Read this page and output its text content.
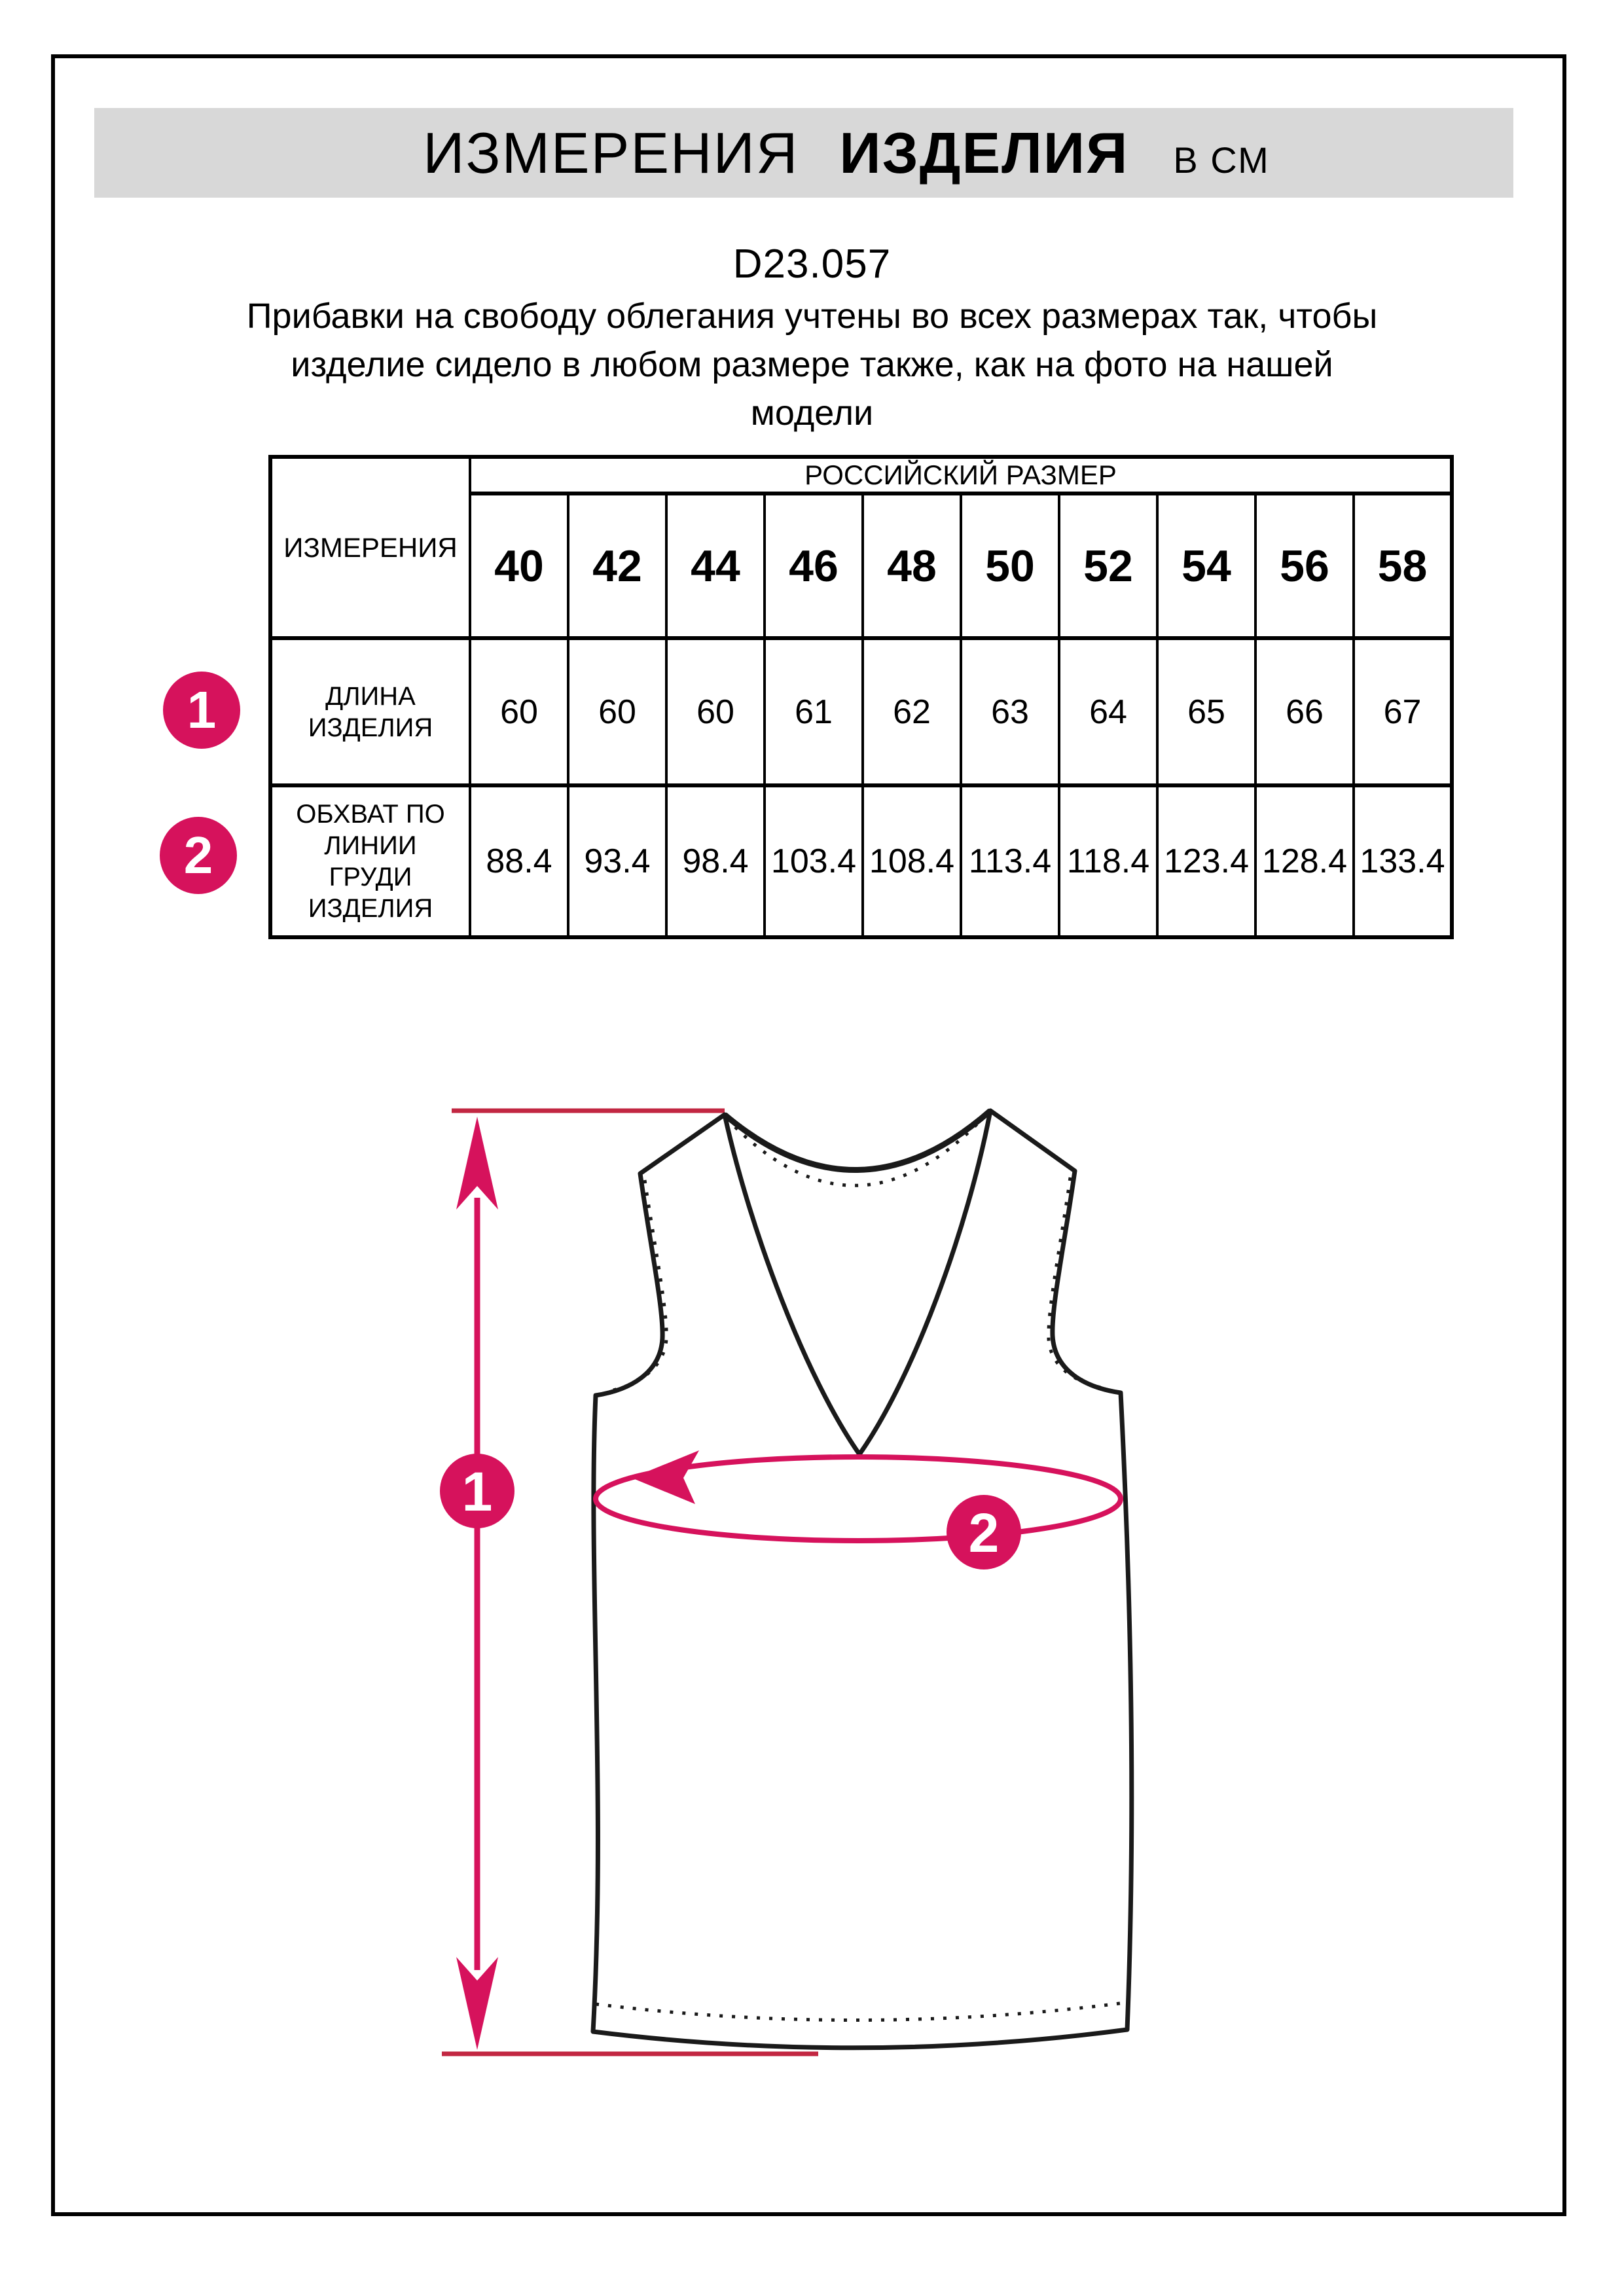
ИЗМЕРЕНИЯ ИЗДЕЛИЯ В СМ
D23.057
Прибавки на свободу облегания учтены во всех размерах так, чтобы
изделие сидело в любом размере также, как на фото на нашей
модели
ИЗМЕРЕНИЯ	РОССИЙСКИЙ РАЗМЕР									
	40	42	44	46	48	50	52	54	56	58

ДЛИНА
ИЗДЕЛИЯ	60	60	60	61	62	63	64	65	66	67

ОБХВАТ ПО
ЛИНИИ
ГРУДИ
ИЗДЕЛИЯ	88.4	93.4	98.4	103.4	108.4	113.4	118.4	123.4	128.4	133.4
1
2
1
2
